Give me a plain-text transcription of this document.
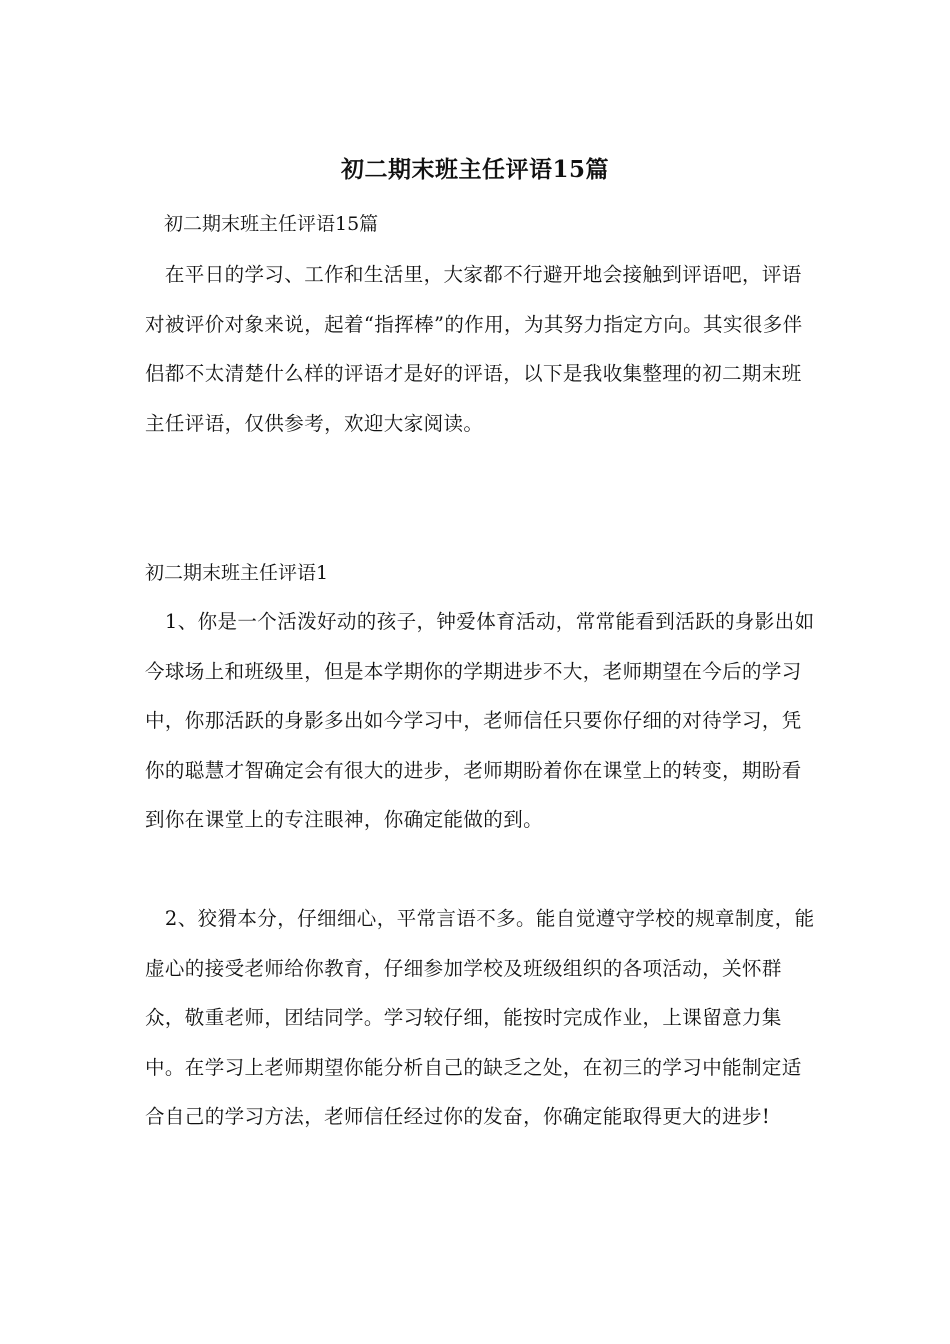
初二期末班主任评语15篇
初二期末班主任评语15篇
　在平日的学习、工作和生活里，大家都不行避开地会接触到评语吧，评语对被评价对象来说，起着“指挥棒”的作用，为其努力指定方向。其实很多伴侣都不太清楚什么样的评语才是好的评语，以下是我收集整理的初二期末班主任评语，仅供参考，欢迎大家阅读。
初二期末班主任评语1
　1、你是一个活泼好动的孩子，钟爱体育活动，常常能看到活跃的身影出如今球场上和班级里，但是本学期你的学期进步不大，老师期望在今后的学习中，你那活跃的身影多出如今学习中，老师信任只要你仔细的对待学习，凭你的聪慧才智确定会有很大的进步，老师期盼着你在课堂上的转变，期盼看到你在课堂上的专注眼神，你确定能做的到。
　2、狡猾本分，仔细细心，平常言语不多。能自觉遵守学校的规章制度，能虚心的接受老师给你教育，仔细参加学校及班级组织的各项活动，关怀群众，敬重老师，团结同学。学习较仔细，能按时完成作业，上课留意力集中。在学习上老师期望你能分析自己的缺乏之处，在初三的学习中能制定适合自己的学习方法，老师信任经过你的发奋，你确定能取得更大的进步!
